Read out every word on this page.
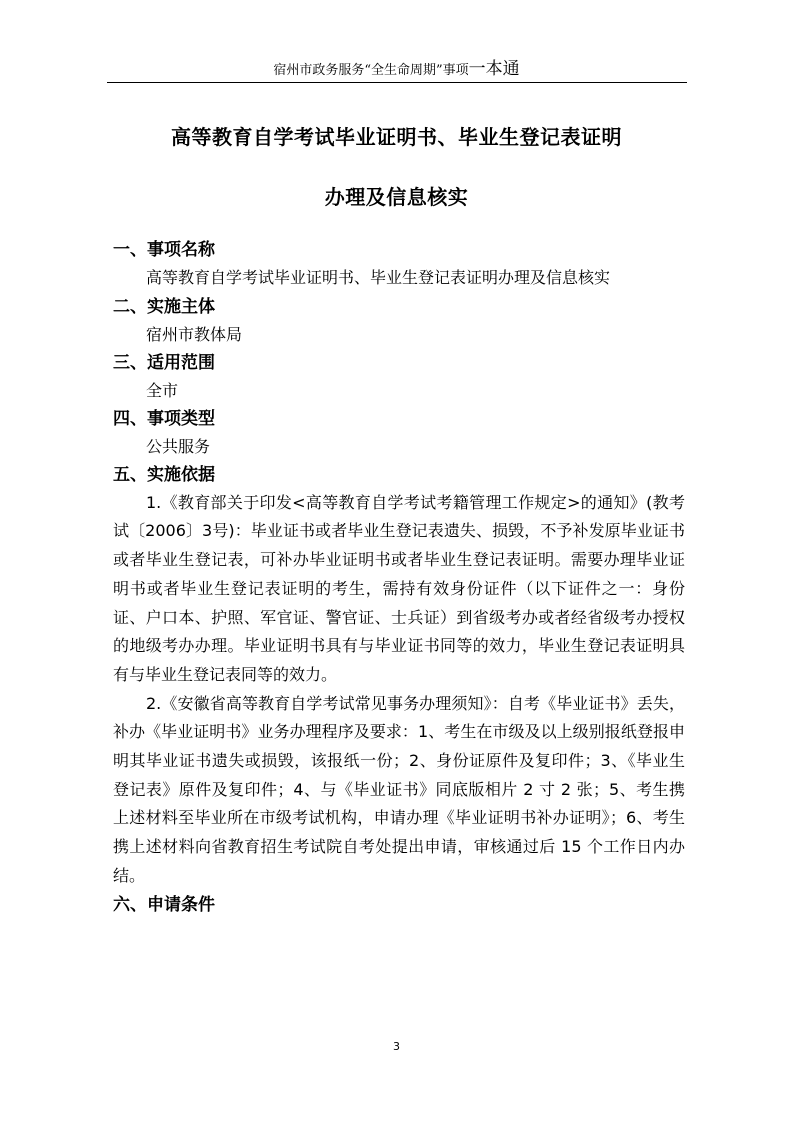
宿州市政务服务“全生命周期”事项一本通
高等教育自学考试毕业证明书、毕业生登记表证明
办理及信息核实
一、事项名称
高等教育自学考试毕业证明书、毕业生登记表证明办理及信息核实
二、实施主体
宿州市教体局
三、适用范围
全市
四、事项类型
公共服务
五、实施依据
1.《教育部关于印发<高等教育自学考试考籍管理工作规定>的通知》(教考试〔2006〕3号)：毕业证书或者毕业生登记表遗失、损毁，不予补发原毕业证书或者毕业生登记表，可补办毕业证明书或者毕业生登记表证明。需要办理毕业证明书或者毕业生登记表证明的考生，需持有效身份证件（以下证件之一：身份证、户口本、护照、军官证、警官证、士兵证）到省级考办或者经省级考办授权的地级考办办理。毕业证明书具有与毕业证书同等的效力，毕业生登记表证明具有与毕业生登记表同等的效力。
2.《安徽省高等教育自学考试常见事务办理须知》：自考《毕业证书》丢失，补办《毕业证明书》业务办理程序及要求：1、考生在市级及以上级别报纸登报申明其毕业证书遗失或损毁，该报纸一份；2、身份证原件及复印件；3、《毕业生登记表》原件及复印件；4、与《毕业证书》同底版相片 2 寸 2 张；5、考生携上述材料至毕业所在市级考试机构，申请办理《毕业证明书补办证明》；6、考生携上述材料向省教育招生考试院自考处提出申请，审核通过后 15 个工作日内办结。
六、申请条件
3
